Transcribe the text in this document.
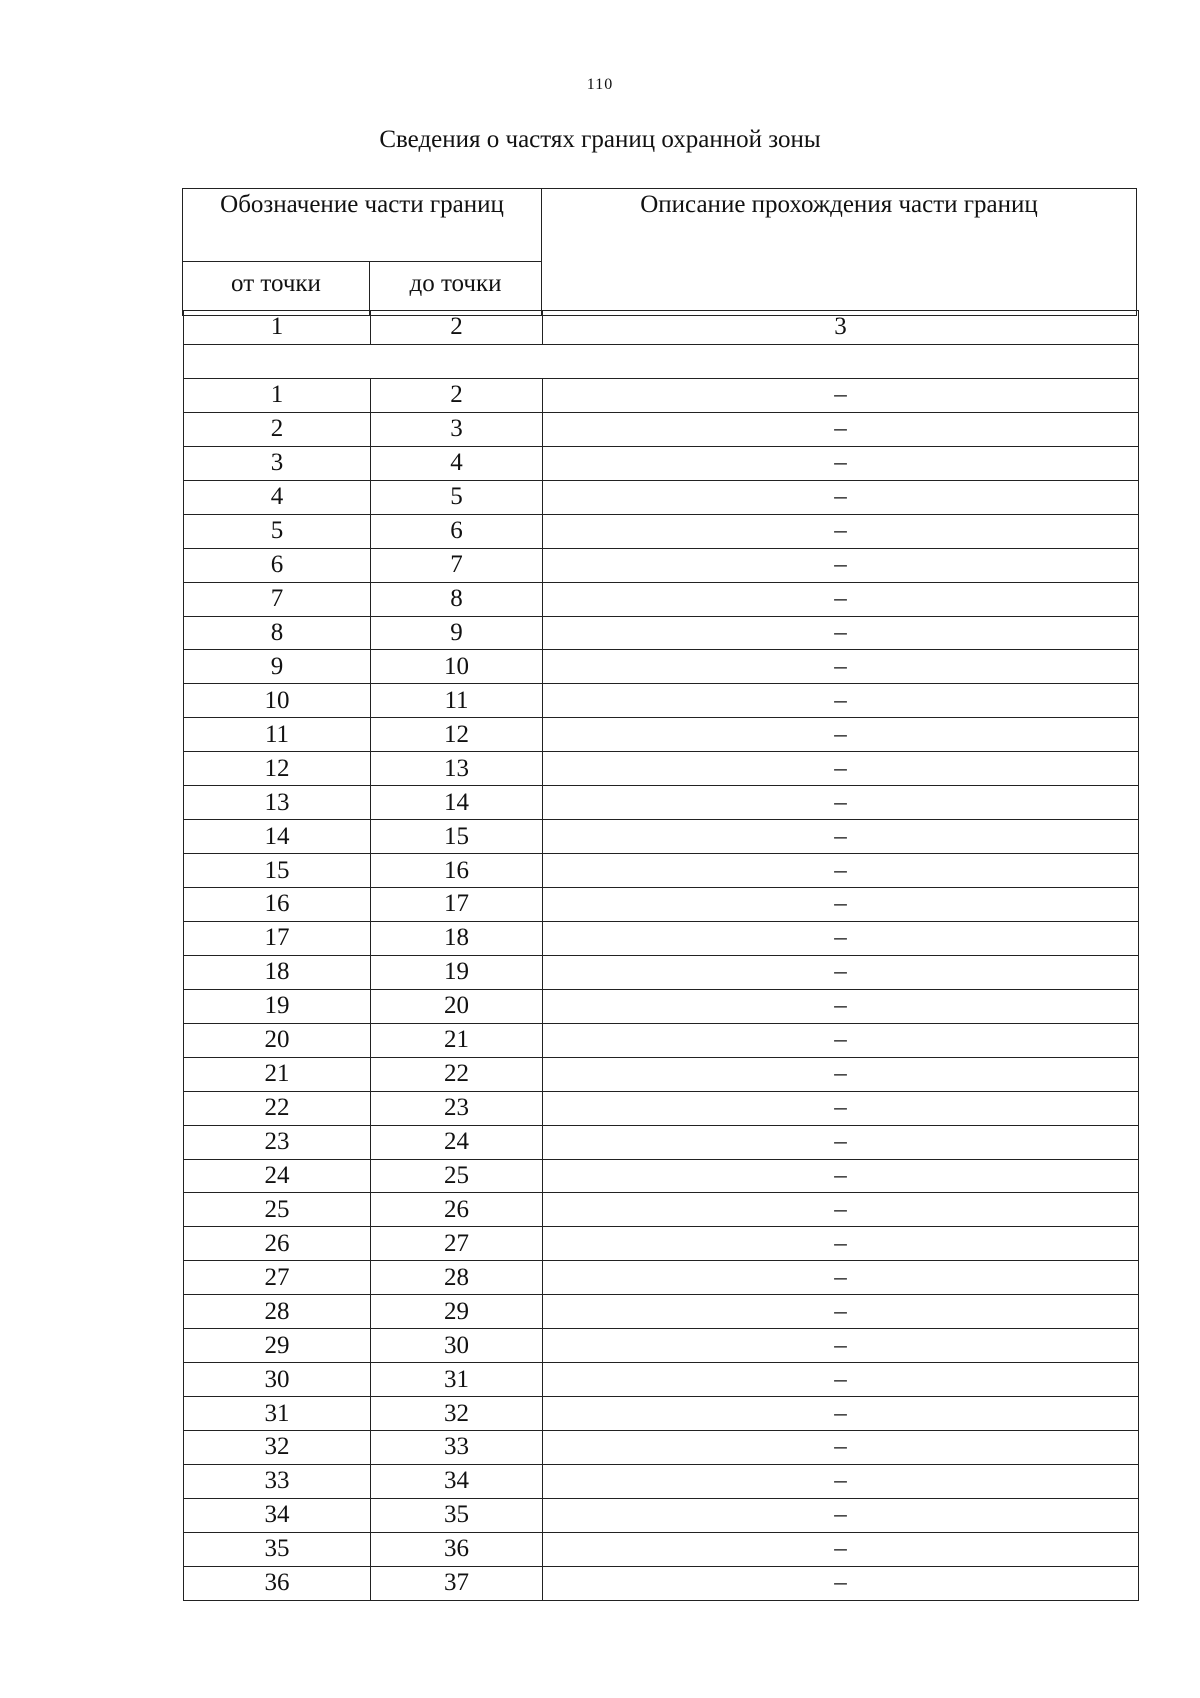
110
Сведения о частях границ охранной зоны
Обозначение части границ		Описание прохождения части границ
от точки	до точки	
1	2	3

1	2	–
2	3	–
3	4	–
4	5	–
5	6	–
6	7	–
7	8	–
8	9	–
9	10	–
10	11	–
11	12	–
12	13	–
13	14	–
14	15	–
15	16	–
16	17	–
17	18	–
18	19	–
19	20	–
20	21	–
21	22	–
22	23	–
23	24	–
24	25	–
25	26	–
26	27	–
27	28	–
28	29	–
29	30	–
30	31	–
31	32	–
32	33	–
33	34	–
34	35	–
35	36	–
36	37	–
